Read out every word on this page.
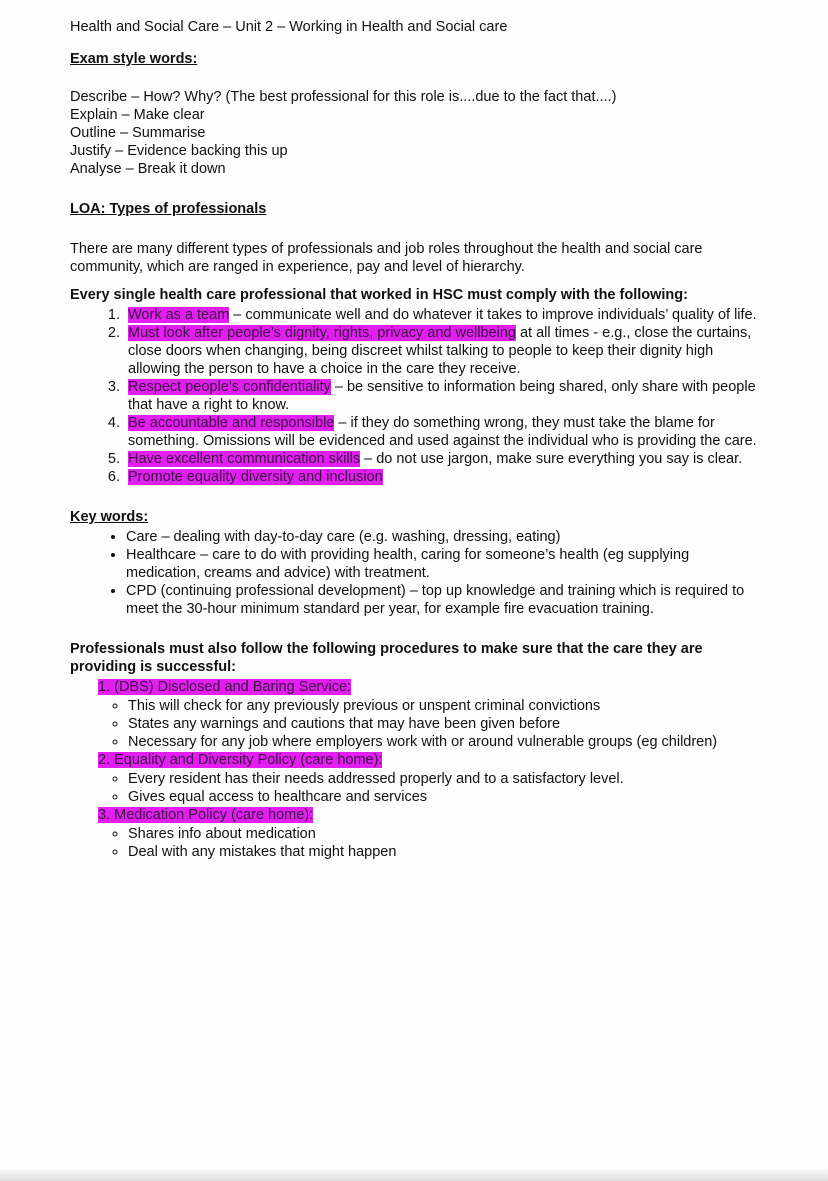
Health and Social Care – Unit 2 – Working in Health and Social care

Exam style words:

Describe – How? Why? (The best professional for this role is....due to the fact that....)

Explain – Make clear

Outline – Summarise

Justify – Evidence backing this up

Analyse – Break it down

LOA: Types of professionals

There are many different types of professionals and job roles throughout the health and social care community, which are ranged in experience, pay and level of hierarchy.

Every single health care professional that worked in HSC must comply with the following:

1. Work as a team – communicate well and do whatever it takes to improve individuals’ quality of life.
2. Must look after people’s dignity, rights, privacy and wellbeing at all times - e.g., close the curtains, close doors when changing, being discreet whilst talking to people to keep their dignity high allowing the person to have a choice in the care they receive.
3. Respect people’s confidentiality – be sensitive to information being shared, only share with people that have a right to know.
4. Be accountable and responsible – if they do something wrong, they must take the blame for something. Omissions will be evidenced and used against the individual who is providing the care.
5. Have excellent communication skills – do not use jargon, make sure everything you say is clear.
6. Promote equality diversity and inclusion

Key words:

• Care – dealing with day-to-day care (e.g. washing, dressing, eating)
• Healthcare – care to do with providing health, caring for someone’s health (eg supplying medication, creams and advice) with treatment.
• CPD (continuing professional development) – top up knowledge and training which is required to meet the 30-hour minimum standard per year, for example fire evacuation training.

Professionals must also follow the following procedures to make sure that the care they are providing is successful:

1. (DBS) Disclosed and Baring Service:
◦ This will check for any previously previous or unspent criminal convictions
◦ States any warnings and cautions that may have been given before
◦ Necessary for any job where employers work with or around vulnerable groups (eg children)
2. Equality and Diversity Policy (care home):
◦ Every resident has their needs addressed properly and to a satisfactory level.
◦ Gives equal access to healthcare and services
3. Medication Policy (care home):
◦ Shares info about medication
◦ Deal with any mistakes that might happen
